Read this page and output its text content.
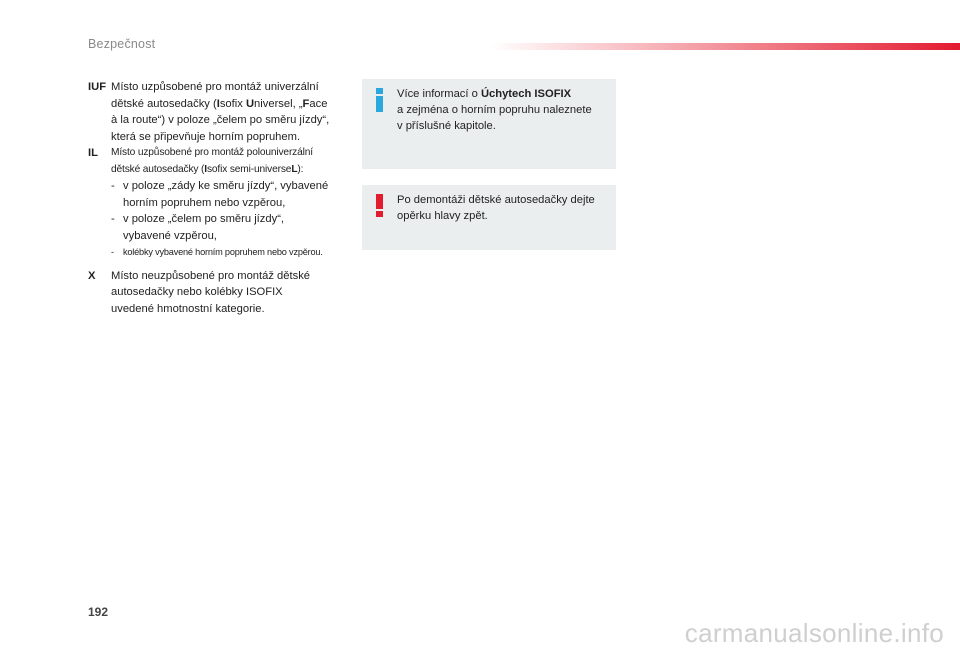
Bezpečnost
IUF Místo uzpůsobené pro montáž univerzální
dětské autosedačky (Isofix Universel, „Face
à la route“) v poloze „čelem po směru jízdy“,
která se připevňuje horním popruhem.
IL Místo uzpůsobené pro montáž polouniverzální
dětské autosedačky (Isofix semi-universeL):
- v poloze „zády ke směru jízdy“, vybavené
horním popruhem nebo vzpěrou,
- v poloze „čelem po směru jízdy“,
vybavené vzpěrou,
- kolébky vybavené horním popruhem nebo vzpěrou.
X Místo neuzpůsobené pro montáž dětské
autosedačky nebo kolébky ISOFIX
uvedené hmotnostní kategorie.
Více informací o Úchytech ISOFIX
a zejména o horním popruhu naleznete
v příslušné kapitole.
Po demontáži dětské autosedačky dejte
opěrku hlavy zpět.
192
carmanualsonline.info
